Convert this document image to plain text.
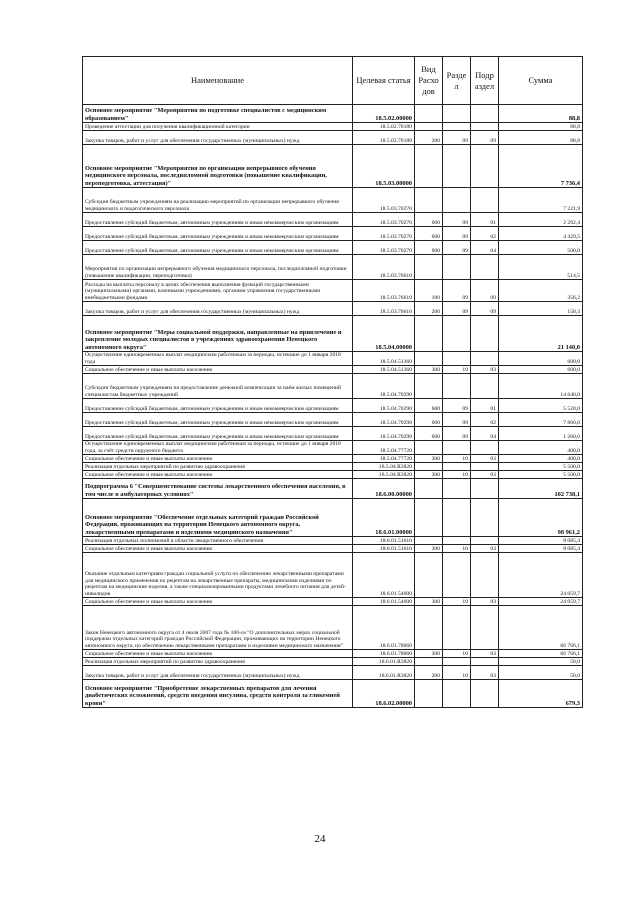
Наименование	Целевая статья	Вид Расхо дов	Разде л	Подр аздел	Сумма
Основное мероприятие "Мероприятия по подготовке специалистов с медицинским образованием"	18.5.02.00000				88,8
Проведение аттестации для получения квалификационной категории	18.5.02.76180				88,8
Закупка товаров, работ и услуг для обеспечения государственных (муниципальных) нужд	18.5.02.76180	200	09	09	88,8
Основное мероприятие "Мероприятия по организации непрерывного обучения медицинского персонала, последипломной подготовки (повышение квалификации, переподготовка, аттестация)"	18.5.03.00000				7 736,4
Субсидии бюджетным учреждениям на реализацию мероприятий по организации непрерывного обучения медицинского и педагогического персонала	18.5.03.70270				7 221,9
Предоставление субсидий бюджетным, автономным учреждениям и иным некоммерческим организациям	18.5.03.70270	600	09	01	2 292,4
Предоставление субсидий бюджетным, автономным учреждениям и иным некоммерческим организациям	18.5.03.70270	600	09	02	4 429,5
Предоставление субсидий бюджетным, автономным учреждениям и иным некоммерческим организациям	18.5.03.70270	600	09	04	500,0
Мероприятия по организации непрерывного обучения медицинского персонала, последипломной подготовки (повышение квалификации, переподготовка)	18.5.03.76610				514,5
Расходы на выплаты персоналу в целях обеспечения выполнения функций государственными (муниципальными) органами, казенными учреждениями, органами управления государственными внебюджетными фондами	18.5.03.76610	100	09	09	356,2
Закупка товаров, работ и услуг для обеспечения государственных (муниципальных) нужд	18.5.03.76610	200	09	09	158,3
Основное мероприятие "Меры социальной поддержки, направленные на привлечение и закрепление молодых специалистов в учреждениях здравоохранения Ненецкого автономного округа"	18.5.04.00000				21 140,0
Осуществление единовременных выплат медицинским работникам за периоды, истекшие до 1 января 2018 года	18.5.04.51360				600,0
Социальное обеспечение и иные выплаты населению	18.5.04.51360	300	10	03	600,0
Субсидии бюджетным учреждениям на предоставление денежной компенсации за наём жилых помещений специалистам бюджетных учреждений	18.5.04.70290				14 640,0
Предоставление субсидий бюджетным, автономным учреждениям и иным некоммерческим организациям	18.5.04.70290	600	09	01	5 520,0
Предоставление субсидий бюджетным, автономным учреждениям и иным некоммерческим организациям	18.5.04.70290	600	09	02	7 860,0
Предоставление субсидий бюджетным, автономным учреждениям и иным некоммерческим организациям	18.5.04.70290	600	09	04	1 260,0
Осуществление единовременных выплат медицинским работникам за периоды, истекшие до 1 января 2018 года, за счёт средств окружного бюджета	18.5.04.77720				400,0
Социальное обеспечение и иные выплаты населению	18.5.04.77720	300	10	03	400,0
Реализация отдельных мероприятий по развитию здравоохранения	18.5.04.R3820				5 500,0
Социальное обеспечение и иные выплаты населению	18.5.04.R3820	300	10	03	5 500,0
Подпрограмма 6 "Совершенствование системы лекарственного обеспечения населения, в том числе в амбулаторных условиях"	18.6.00.00000				102 738,1
Основное мероприятие "Обеспечение отдельных категорий граждан Российской Федерации, проживающих на территории Ненецкого автономного округа, лекарственными препаратами и изделиями медицинского назначения"	18.6.01.00000				98 961,2
Реализация отдельных полномочий в области лекарственного обеспечения	18.6.01.51610				8 085,4
Социальное обеспечение и иные выплаты населению	18.6.01.51610	300	10	03	8 085,4
Оказание отдельным категориям граждан социальной услуги по обеспечению лекарственными препаратами для медицинского применения по рецептам на лекарственные препараты, медицинскими изделиями по рецептам на медицинские изделия, а также специализированными продуктами лечебного питания для детей-инвалидов	18.6.01.54600				24 059,7
Социальное обеспечение и иные выплаты населению	18.6.01.54600	300	10	03	24 059,7
Закон Ненецкого автономного округа от 4 июля 2007 года № 100-оз "О дополнительных мерах социальной поддержки отдельных категорий граждан Российской Федерации, проживающих на территории Ненецкого автономного округа, по обеспечению лекарственными препаратами и изделиями медицинского назначения"	18.6.01.78060				66 766,1
Социальное обеспечение и иные выплаты населению	18.6.01.78060	300	10	03	66 766,1
Реализация отдельных мероприятий по развитию здравоохранения	18.6.01.R3820				50,0
Закупка товаров, работ и услуг для обеспечения государственных (муниципальных) нужд	18.6.01.R3820	200	10	03	50,0
Основное мероприятие "Приобретение лекарственных препаратов для лечения диабетических осложнений, средств введения инсулина, средств контроля за гликемией крови"	18.6.02.00000				679,3
24
